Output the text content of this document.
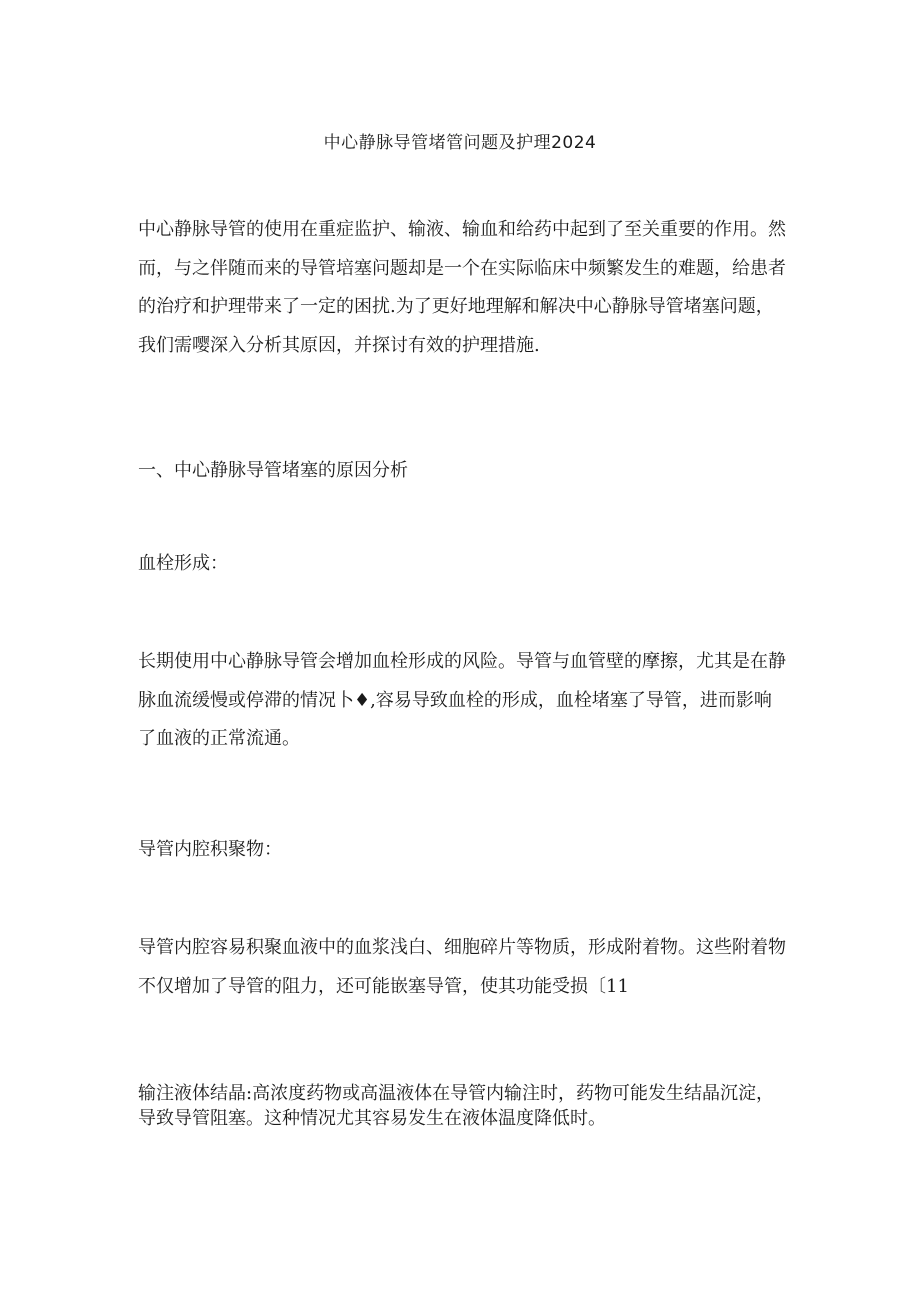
中心静脉导管堵管问题及护理2024

中心静脉导管的使用在重症监护、输液、输血和给药中起到了至关重要的作用。然而，与之伴随而来的导管培塞问题却是一个在实际临床中频繁发生的难题，给患者的治疗和护理带来了一定的困扰.为了更好地理解和解决中心静脉导管堵塞问题，我们需嘤深入分析其原因，并探讨有效的护理措施.

一、中心静脉导管堵塞的原因分析

血栓形成：

长期使用中心静脉导管会增加血栓形成的风险。导管与血管壁的摩擦，尤其是在静脉血流缓慢或停滞的情况卜♦,容易导致血栓的形成，血栓堵塞了导管，进而影响了血液的正常流通。

导管内腔积聚物：

导管内腔容易积聚血液中的血浆浅白、细胞碎片等物质，形成附着物。这些附着物不仅增加了导管的阻力，还可能嵌塞导管，使其功能受损〔11

输注液体结晶:高浓度药物或高温液体在导管内输注时，药物可能发生结晶沉淀，导致导管阻塞。这种情况尤其容易发生在液体温度降低时。
